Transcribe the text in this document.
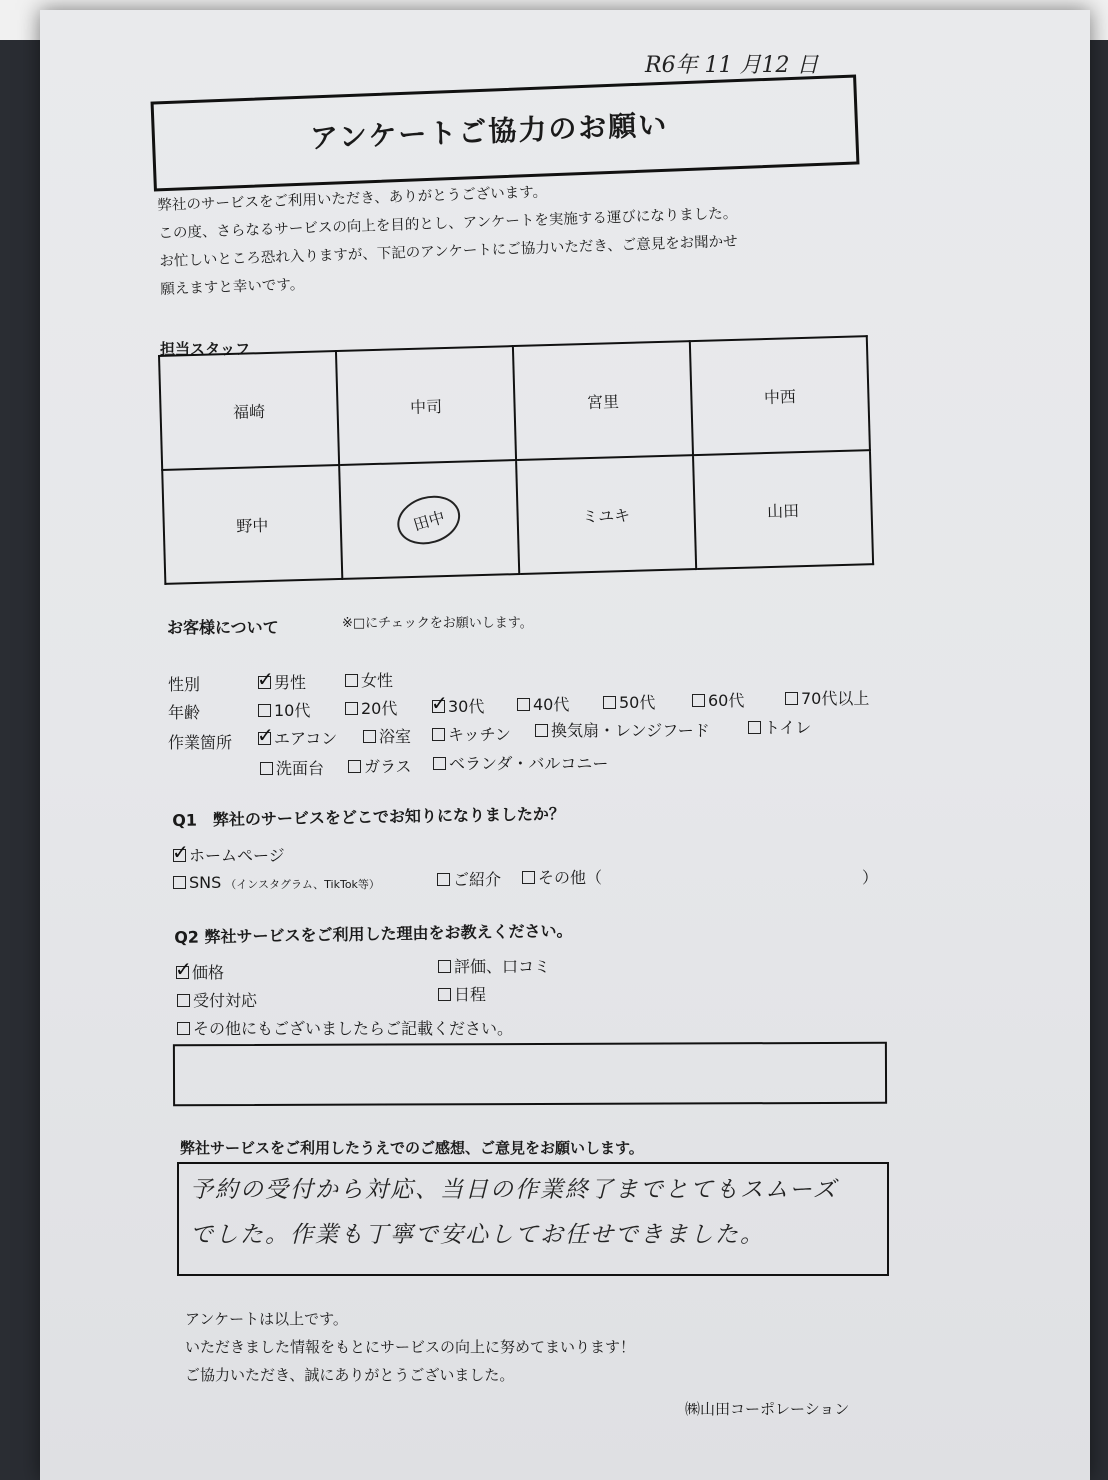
R6年 11 月12 日
アンケートご協力のお願い
弊社のサービスをご利用いただき、ありがとうございます。
この度、さらなるサービスの向上を目的とし、アンケートを実施する運びになりました。
お忙しいところ恐れ入りますが、下記のアンケートにご協力いただき、ご意見をお聞かせ
願えますと幸いです。
担当スタッフ
福崎	中司	宮里	中西
野中	田中	ミユキ	山田
お客様について	※□にチェックをお願いします。
性別 ✓	男性	女性
年齢	10代	20代 ✓	30代	40代	50代	60代	70代以上
作業箇所 ✓	エアコン	浴室	キッチン	換気扇・レンジフード	トイレ
洗面台	ガラス	ベランダ・バルコニー
Q1　弊社のサービスをどこでお知りになりましたか？
✓ホームページ
SNS （インスタグラム、TikTok等）	ご紹介	その他（	）
Q2 弊社サービスをご利用した理由をお教えください。
✓価格	評価、口コミ
受付対応	日程
その他にもございましたらご記載ください。
弊社サービスをご利用したうえでのご感想、ご意見をお願いします。
予約の受付から対応、当日の作業終了までとてもスムーズ
でした。作業も丁寧で安心してお任せできました。
アンケートは以上です。
いただきました情報をもとにサービスの向上に努めてまいります！
ご協力いただき、誠にありがとうございました。
㈱山田コーポレーション
